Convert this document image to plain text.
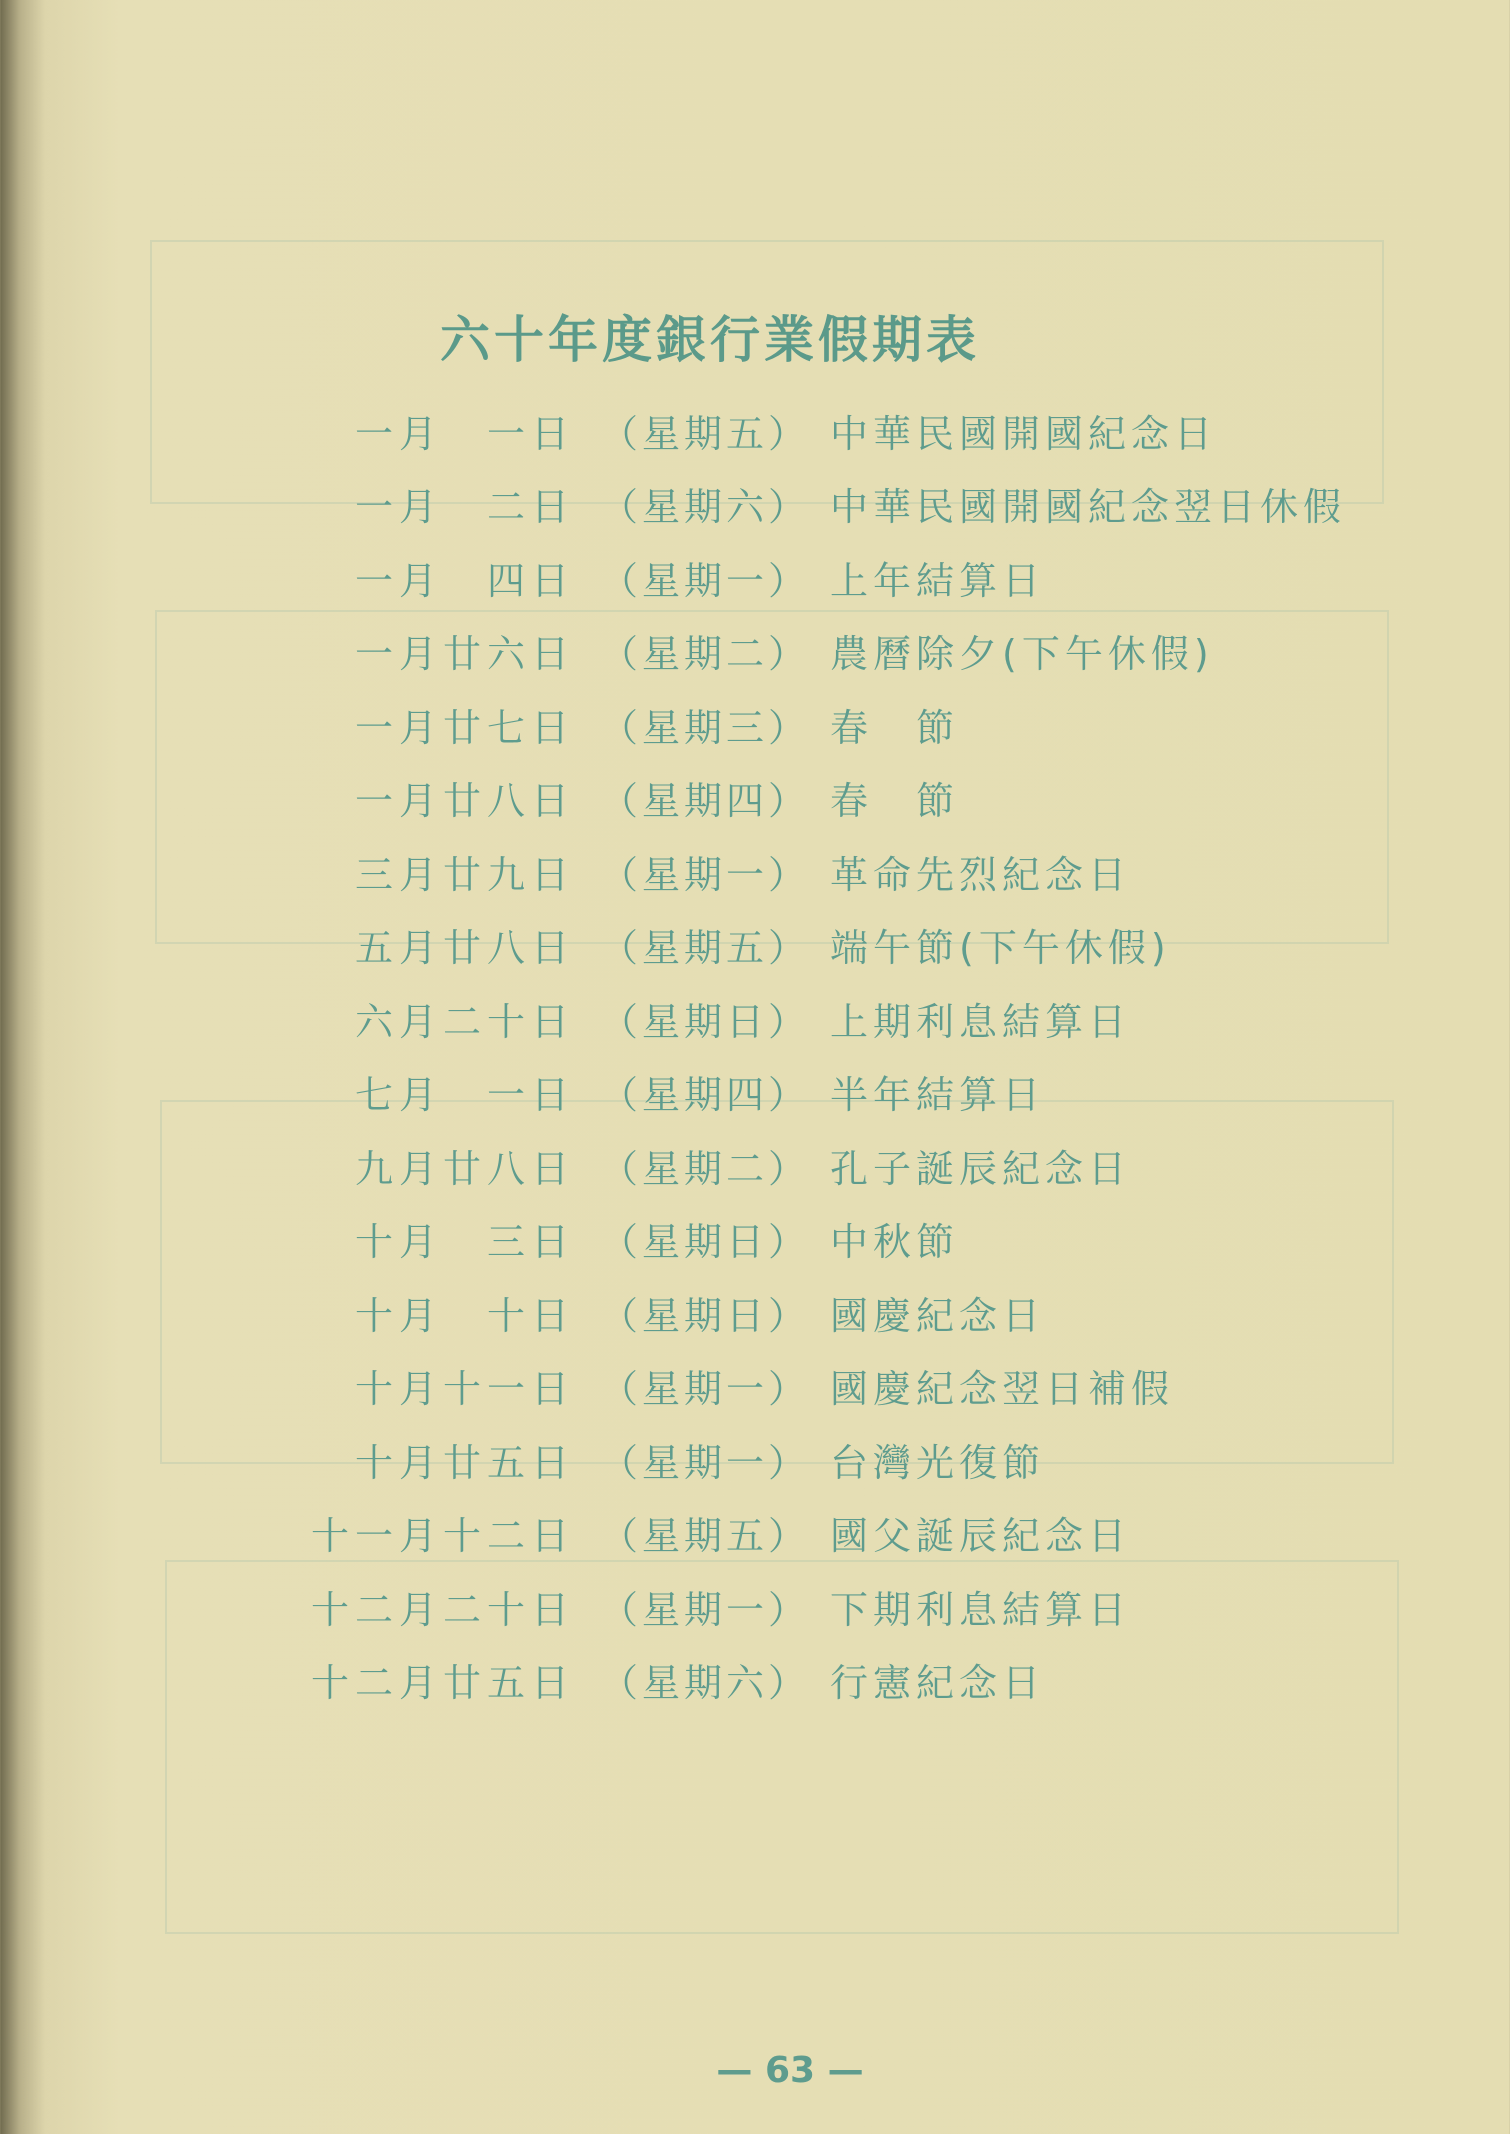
六十年度銀行業假期表
一月　一日 （星期五） 中華民國開國紀念日
一月　二日 （星期六） 中華民國開國紀念翌日休假
一月　四日 （星期一） 上年結算日
一月廿六日 （星期二） 農曆除夕(下午休假)
一月廿七日 （星期三） 春　節
一月廿八日 （星期四） 春　節
三月廿九日 （星期一） 革命先烈紀念日
五月廿八日 （星期五） 端午節(下午休假)
六月二十日 （星期日） 上期利息結算日
七月　一日 （星期四） 半年結算日
九月廿八日 （星期二） 孔子誕辰紀念日
十月　三日 （星期日） 中秋節
十月　十日 （星期日） 國慶紀念日
十月十一日 （星期一） 國慶紀念翌日補假
十月廿五日 （星期一） 台灣光復節
十一月十二日 （星期五） 國父誕辰紀念日
十二月二十日 （星期一） 下期利息結算日
十二月廿五日 （星期六） 行憲紀念日
— 63 —
